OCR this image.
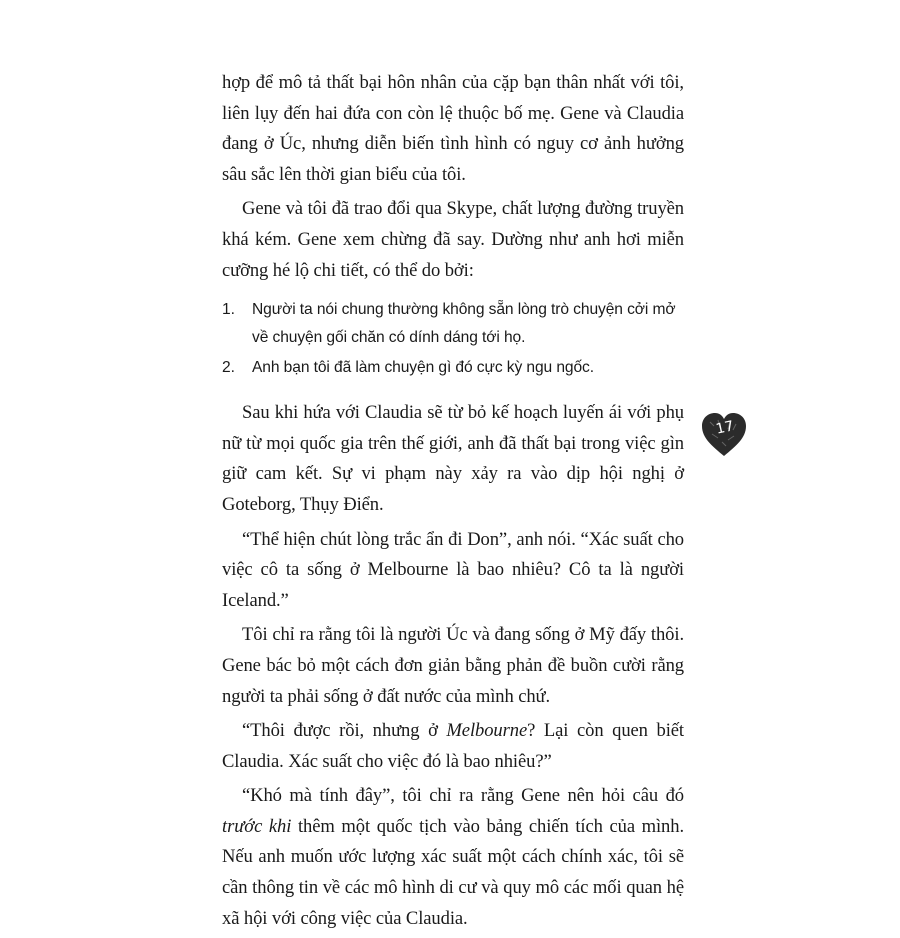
hợp để mô tả thất bại hôn nhân của cặp bạn thân nhất với tôi, liên lụy đến hai đứa con còn lệ thuộc bố mẹ. Gene và Claudia đang ở Úc, nhưng diễn biến tình hình có nguy cơ ảnh hưởng sâu sắc lên thời gian biểu của tôi.

Gene và tôi đã trao đổi qua Skype, chất lượng đường truyền khá kém. Gene xem chừng đã say. Dường như anh hơi miễn cưỡng hé lộ chi tiết, có thể do bởi:

1.	Người ta nói chung thường không sẵn lòng trò chuyện cởi mở về chuyện gối chăn có dính dáng tới họ.
2.	Anh bạn tôi đã làm chuyện gì đó cực kỳ ngu ngốc.

Sau khi hứa với Claudia sẽ từ bỏ kế hoạch luyến ái với phụ nữ từ mọi quốc gia trên thế giới, anh đã thất bại trong việc gìn giữ cam kết. Sự vi phạm này xảy ra vào dịp hội nghị ở Goteborg, Thụy Điển.

“Thể hiện chút lòng trắc ẩn đi Don”, anh nói. “Xác suất cho việc cô ta sống ở Melbourne là bao nhiêu? Cô ta là người Iceland.”

Tôi chỉ ra rằng tôi là người Úc và đang sống ở Mỹ đấy thôi. Gene bác bỏ một cách đơn giản bằng phản đề buồn cười rằng người ta phải sống ở đất nước của mình chứ.

“Thôi được rồi, nhưng ở Melbourne? Lại còn quen biết Claudia. Xác suất cho việc đó là bao nhiêu?”

“Khó mà tính đây”, tôi chỉ ra rằng Gene nên hỏi câu đó trước khi thêm một quốc tịch vào bảng chiến tích của mình. Nếu anh muốn ước lượng xác suất một cách chính xác, tôi sẽ cần thông tin về các mô hình di cư và quy mô các mối quan hệ xã hội với công việc của Claudia.

17
